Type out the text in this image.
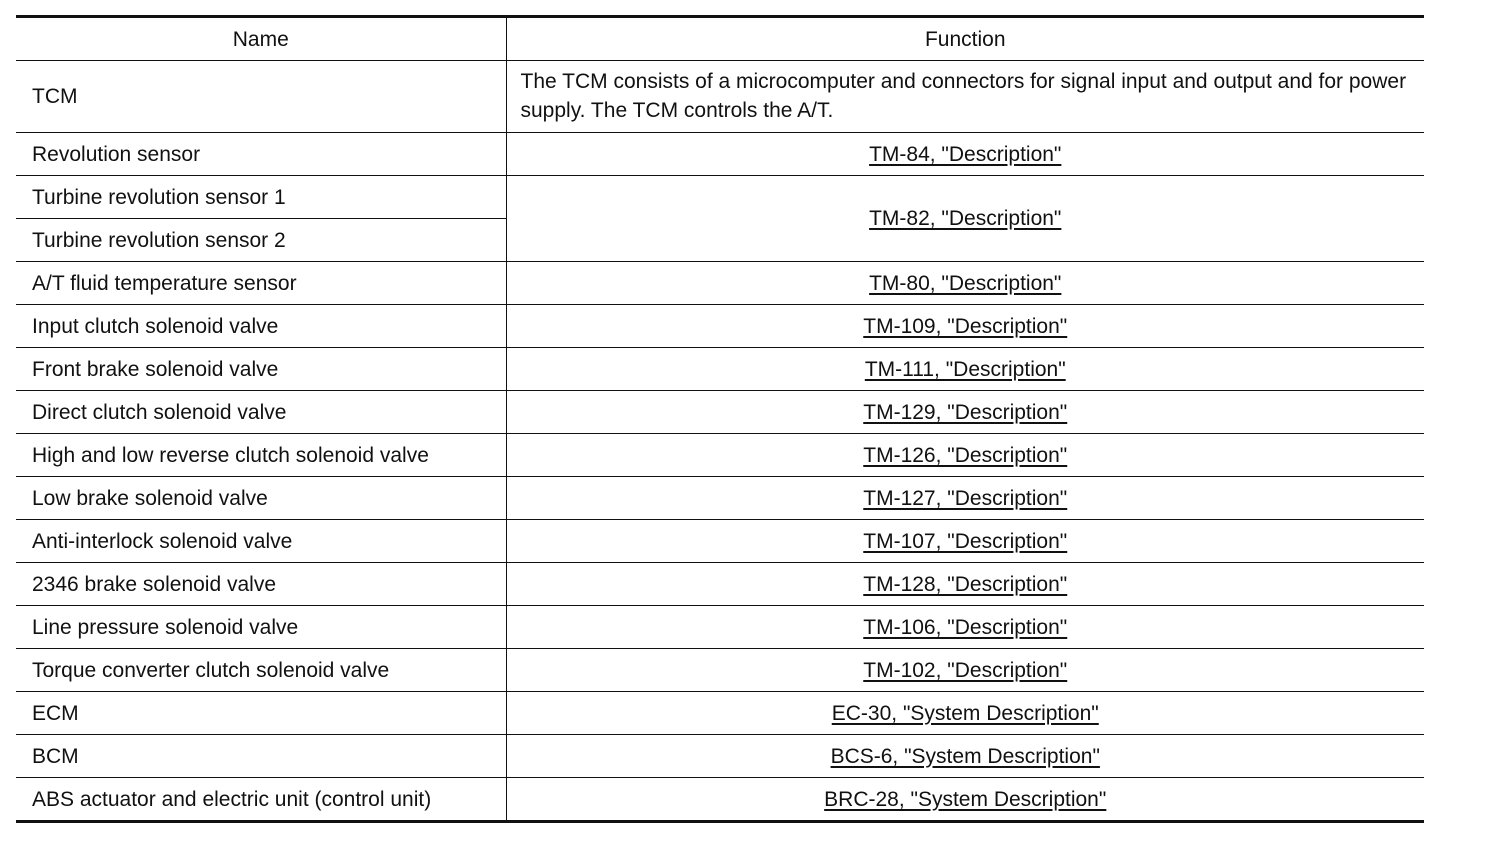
Name	Function
TCM	The TCM consists of a microcomputer and connectors for signal input and output and for power supply. The TCM controls the A/T.
Revolution sensor	TM-84, "Description"
Turbine revolution sensor 1	TM-82, "Description"
Turbine revolution sensor 2	
A/T fluid temperature sensor	TM-80, "Description"
Input clutch solenoid valve	TM-109, "Description"
Front brake solenoid valve	TM-111, "Description"
Direct clutch solenoid valve	TM-129, "Description"
High and low reverse clutch solenoid valve	TM-126, "Description"
Low brake solenoid valve	TM-127, "Description"
Anti-interlock solenoid valve	TM-107, "Description"
2346 brake solenoid valve	TM-128, "Description"
Line pressure solenoid valve	TM-106, "Description"
Torque converter clutch solenoid valve	TM-102, "Description"
ECM	EC-30, "System Description"
BCM	BCS-6, "System Description"
ABS actuator and electric unit (control unit)	BRC-28, "System Description"
